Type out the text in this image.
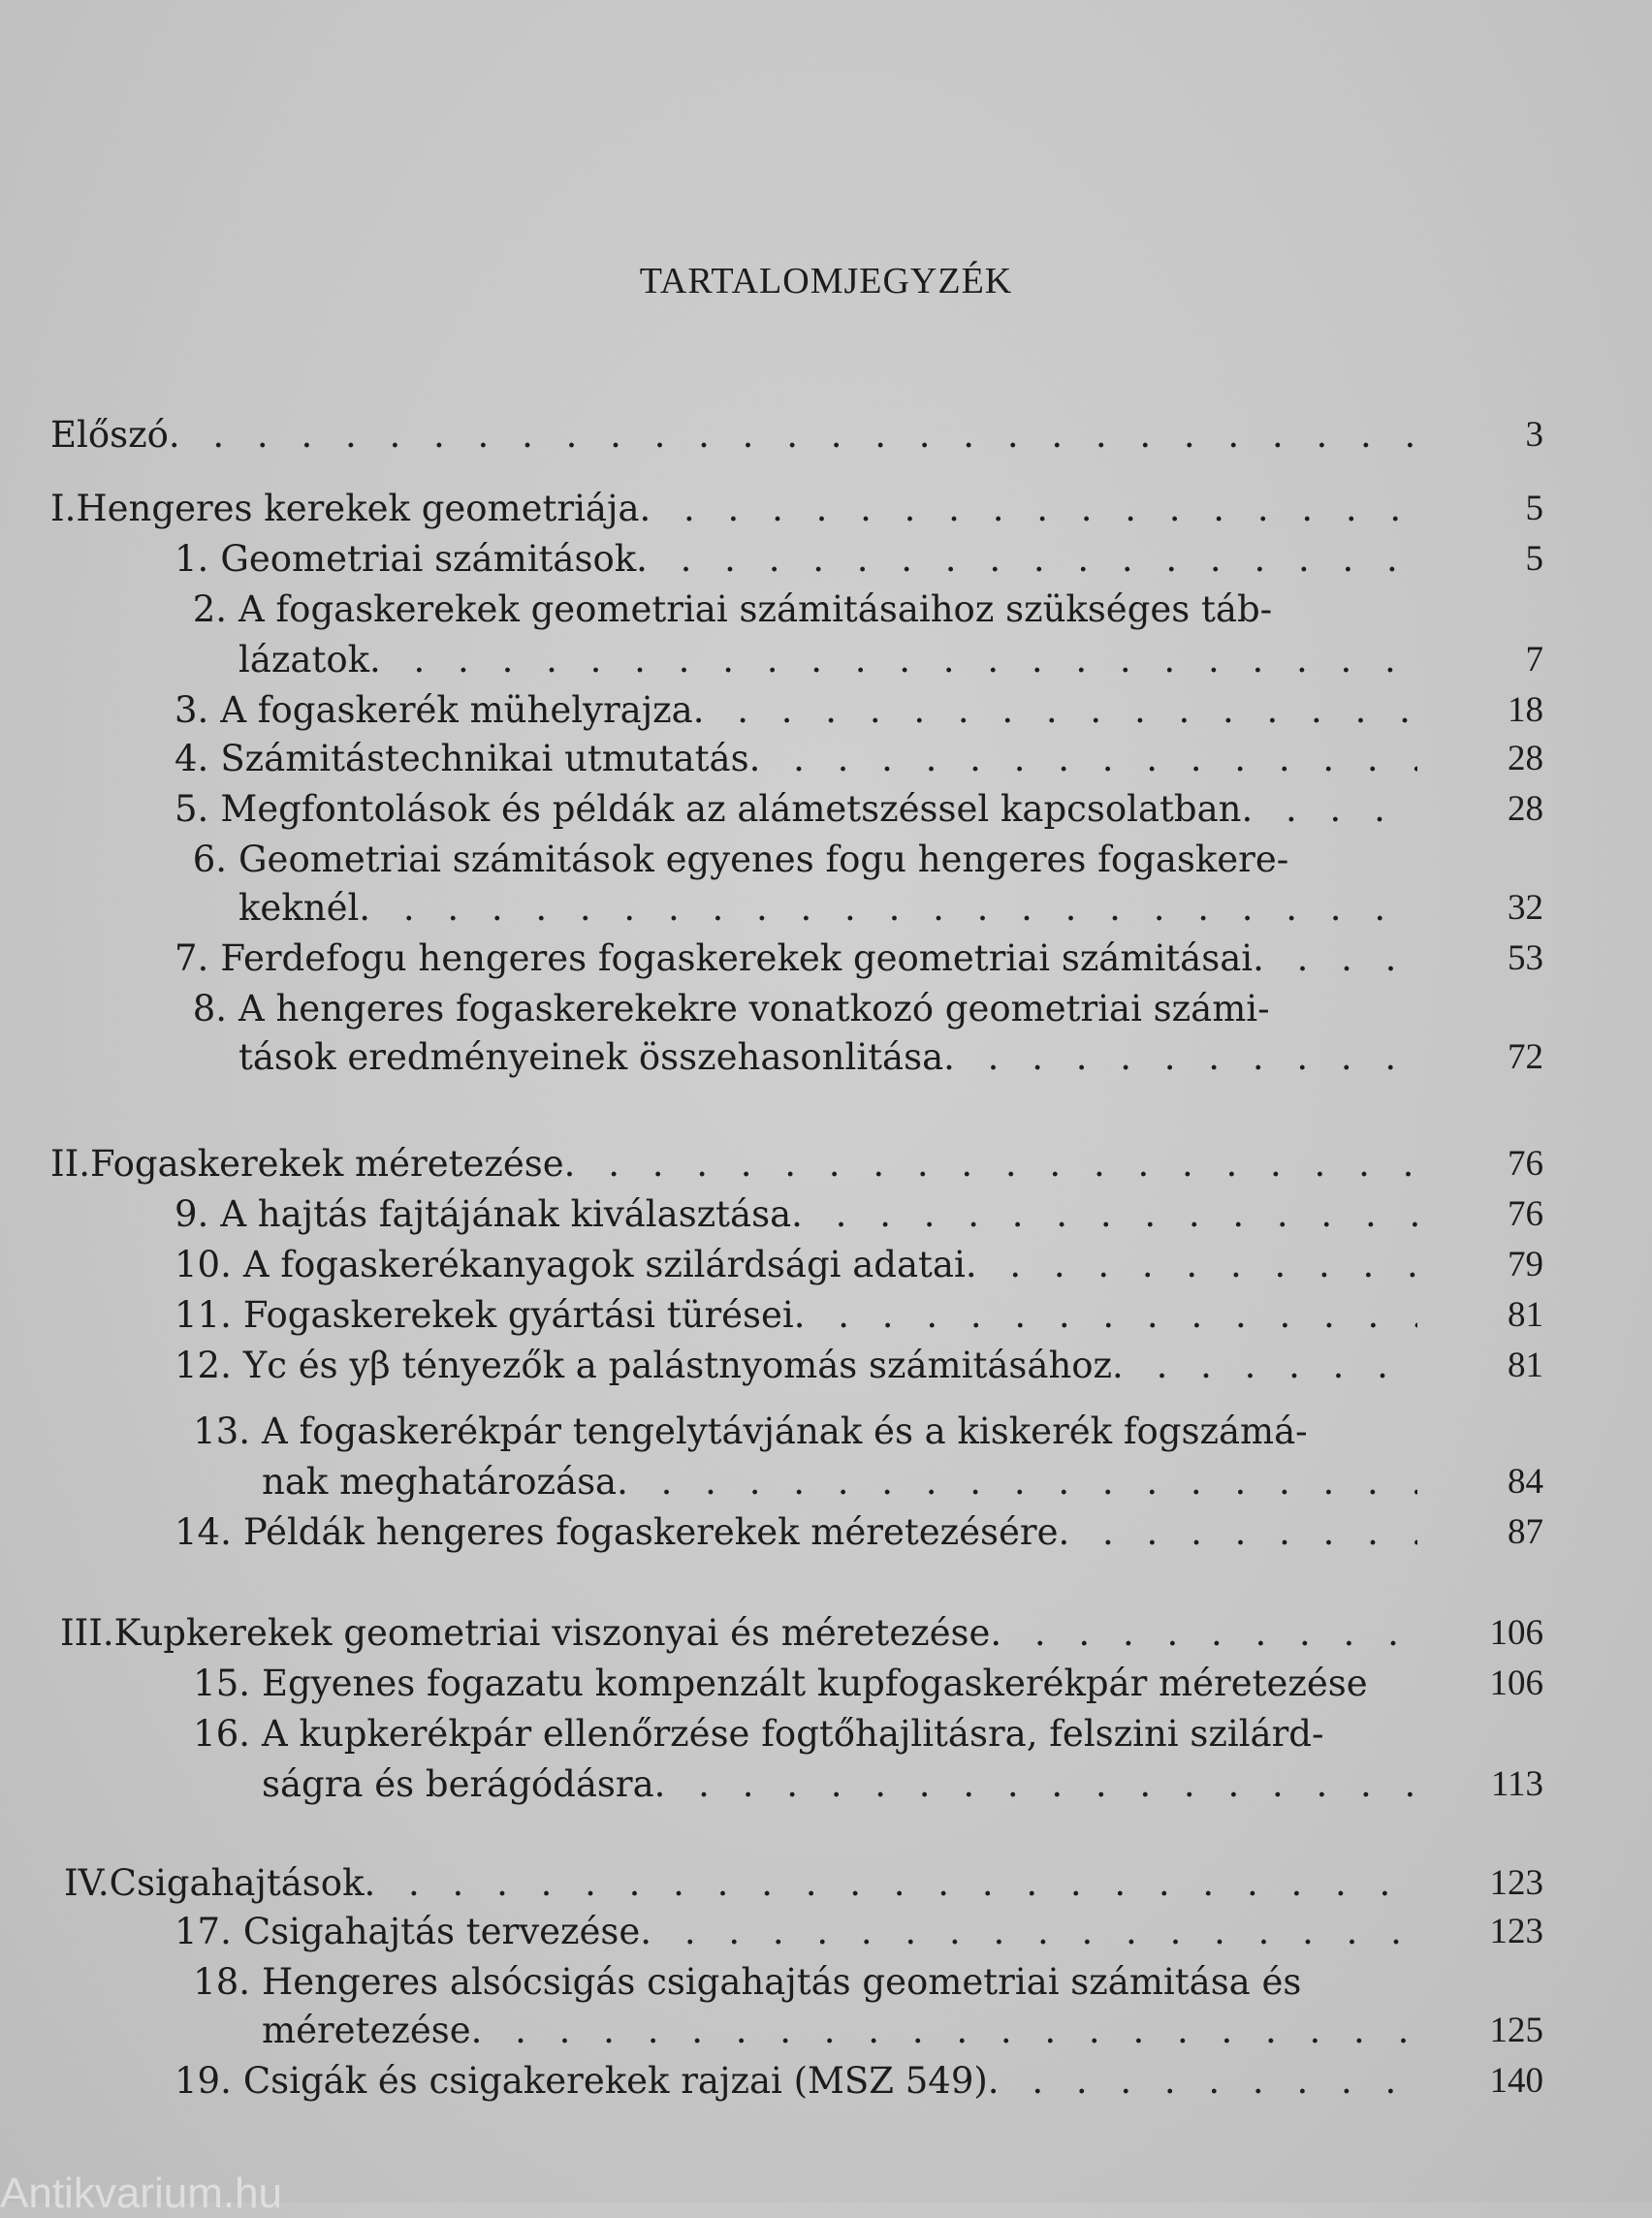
TARTALOMJEGYZÉK
Előszó . . .	3
I. Hengeres kerekek geometriája . . .	5
1. Geometriai számitások . . .	5
2. A fogaskerekek geometriai számitásaihoz szükséges táb-
lázatok . . .	7
3. A fogaskerék mühelyrajza . . .	18
4. Számitástechnikai utmutatás . . .	28
5. Megfontolások és példák az alámetszéssel kapcsolatban . . .	28
6. Geometriai számitások egyenes fogu hengeres fogaskere-
keknél . . .	32
7. Ferdefogu hengeres fogaskerekek geometriai számitásai . . .	53
8. A hengeres fogaskerekekre vonatkozó geometriai számi-
tások eredményeinek összehasonlitása . . .	72
II. Fogaskerekek méretezése . . .	76
9. A hajtás fajtájának kiválasztása . . .	76
10. A fogaskerékanyagok szilárdsági adatai . . .	79
11. Fogaskerekek gyártási türései . . .	81
12. Yc és yβ tényezők a palástnyomás számitásához . . .	81
13. A fogaskerékpár tengelytávjának és a kiskerék fogszámá-
nak meghatározása . . .	84
14. Példák hengeres fogaskerekek méretezésére . . .	87
III. Kupkerekek geometriai viszonyai és méretezése . . .	106
15. Egyenes fogazatu kompenzált kupfogaskerékpár méretezése	106
16. A kupkerékpár ellenőrzése fogtőhajlitásra, felszini szilárd-
ságra és berágódásra . . .	113
IV. Csigahajtások . . .	123
17. Csigahajtás tervezése . . .	123
18. Hengeres alsócsigás csigahajtás geometriai számitása és
méretezése . . .	125
19. Csigák és csigakerekek rajzai (MSZ 549) . . .	140
Antikvarium.hu
